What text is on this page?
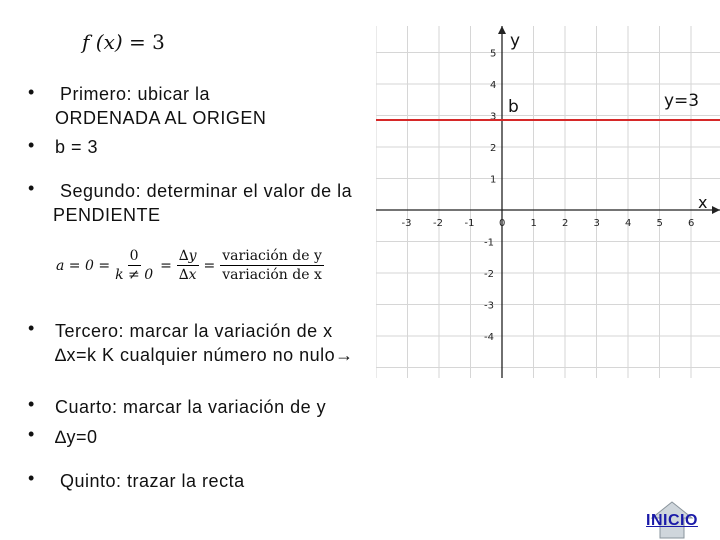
f (x) = 3
• Primero: ubicar la
ORDENADA AL ORIGEN
• b = 3
• Segundo: determinar el valor de la
PENDIENTE
$a = 0 = \frac{0}{k \ne 0} = \frac{\Delta y}{\Delta x} = \frac{\text{variación de y}}{\text{variación de x}}$
• Tercero: marcar la variación de x
∆x=k K cualquier número no nulo→
• Cuarto: marcar la variación de y
• ∆y=0
• Quinto: trazar la recta
-3 -2 -1 0	1	2	3	4	5	6
5
4
3
2
1
-1
-2
-3
-4
y
x
b	y=3
INICIO
